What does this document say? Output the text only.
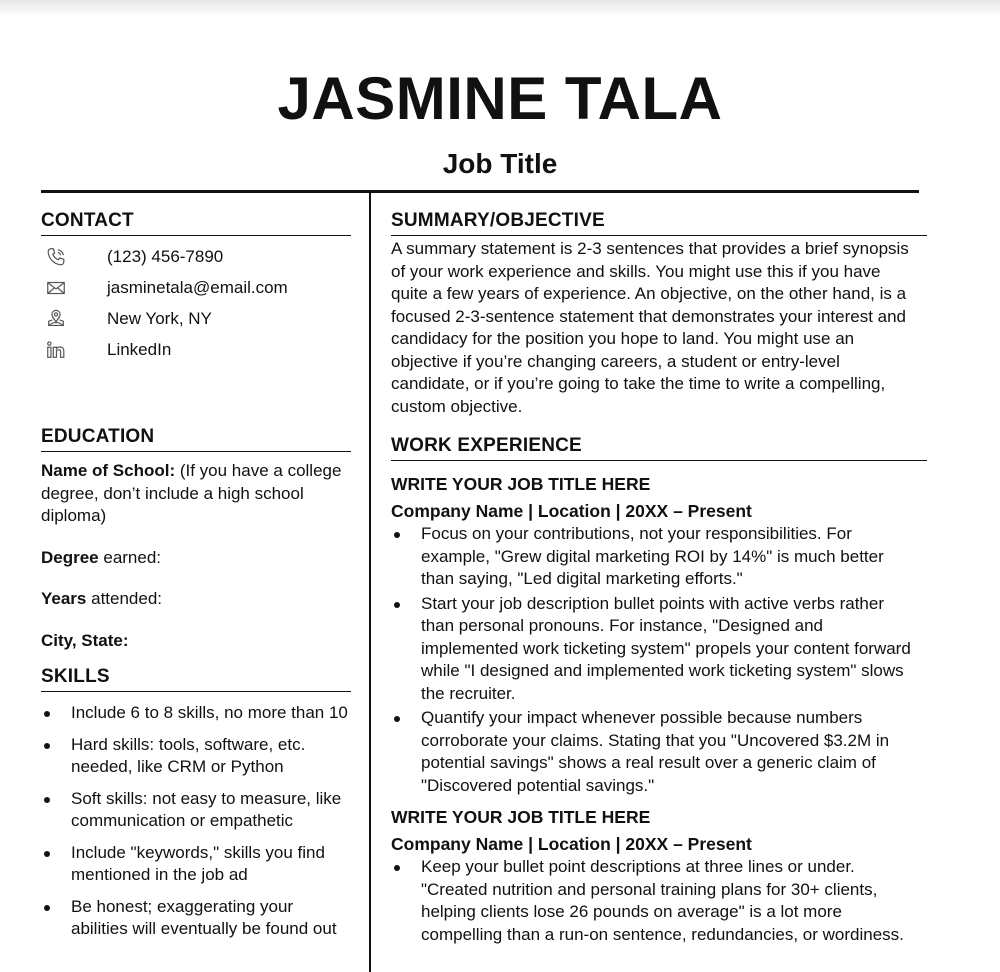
JASMINE TALA
Job Title
CONTACT
(123) 456-7890
jasminetala@email.com
New York, NY
LinkedIn
EDUCATION

Name of School: (If you have a college degree, don’t include a high school diploma)

Degree earned:

Years attended:

City, State:

SKILLS
Include 6 to 8 skills, no more than 10
Hard skills: tools, software, etc. needed, like CRM or Python
Soft skills: not easy to measure, like communication or empathetic
Include "keywords," skills you find mentioned in the job ad
Be honest; exaggerating your abilities will eventually be found out
SUMMARY/OBJECTIVE
A summary statement is 2-3 sentences that provides a brief synopsis of your work experience and skills. You might use this if you have quite a few years of experience. An objective, on the other hand, is a focused 2-3-sentence statement that demonstrates your interest and candidacy for the position you hope to land. You might use an objective if you’re changing careers, a student or entry-level candidate, or if you’re going to take the time to write a compelling, custom objective.
WORK EXPERIENCE
WRITE YOUR JOB TITLE HERE
Company Name | Location | 20XX – Present
Focus on your contributions, not your responsibilities. For example, "Grew digital marketing ROI by 14%" is much better than saying, "Led digital marketing efforts."
Start your job description bullet points with active verbs rather than personal pronouns. For instance, "Designed and implemented work ticketing system" propels your content forward while "I designed and implemented work ticketing system" slows the recruiter.
Quantify your impact whenever possible because numbers corroborate your claims. Stating that you "Uncovered $3.2M in potential savings" shows a real result over a generic claim of "Discovered potential savings."
WRITE YOUR JOB TITLE HERE
Company Name | Location | 20XX – Present
Keep your bullet point descriptions at three lines or under. "Created nutrition and personal training plans for 30+ clients, helping clients lose 26 pounds on average" is a lot more compelling than a run-on sentence, redundancies, or wordiness.
